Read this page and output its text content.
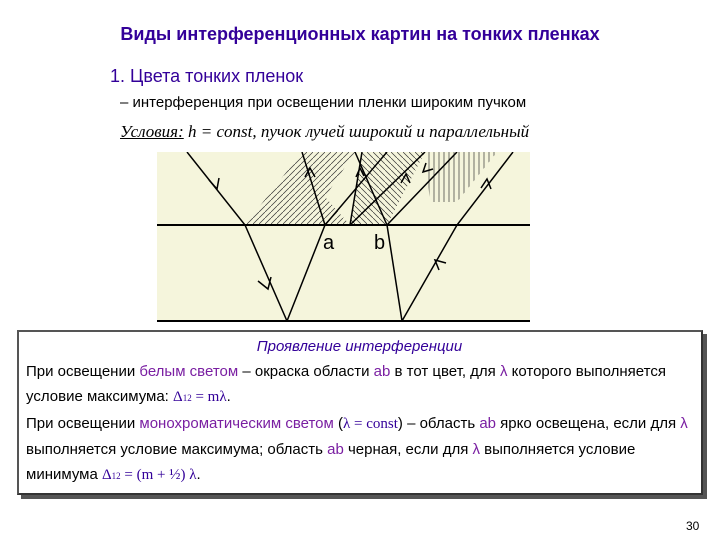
Виды интерференционных картин на тонких пленках
1. Цвета тонких пленок
– интерференция при освещении пленки широким пучком
Условия: h = const, пучок лучей широкий и параллельный
a b
Проявление интерференции

При освещении белым светом – окраска области ab в тот цвет, для λ которого выполняется условие максимума: Δ12 = mλ.

При освещении монохроматическим светом (λ = const) – область ab ярко освещена, если для λ выполняется условие максимума; область ab черная, если для λ выполняется условие минимума Δ12 = (m + ½) λ.

30
